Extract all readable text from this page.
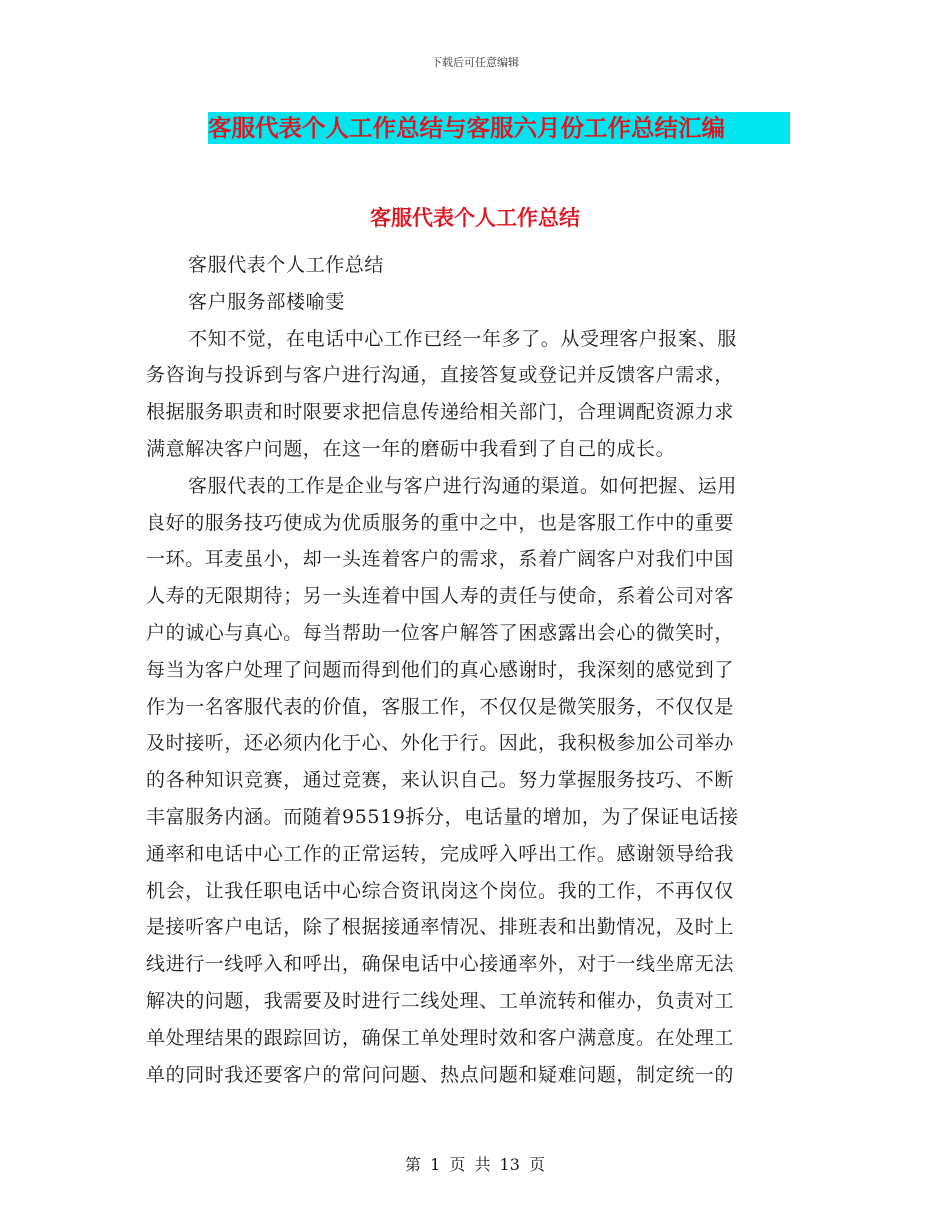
下载后可任意编辑
客服代表个人工作总结与客服六月份工作总结汇编
客服代表个人工作总结
客服代表个人工作总结
客户服务部楼喻雯
不知不觉，在电话中心工作已经一年多了。从受理客户报案、服
务咨询与投诉到与客户进行沟通，直接答复或登记并反馈客户需求，
根据服务职责和时限要求把信息传递给相关部门，合理调配资源力求
满意解决客户问题，在这一年的磨砺中我看到了自己的成长。
客服代表的工作是企业与客户进行沟通的渠道。如何把握、运用
良好的服务技巧使成为优质服务的重中之中，也是客服工作中的重要
一环。耳麦虽小，却一头连着客户的需求，系着广阔客户对我们中国
人寿的无限期待；另一头连着中国人寿的责任与使命，系着公司对客
户的诚心与真心。每当帮助一位客户解答了困惑露出会心的微笑时，
每当为客户处理了问题而得到他们的真心感谢时，我深刻的感觉到了
作为一名客服代表的价值，客服工作，不仅仅是微笑服务，不仅仅是
及时接听，还必须内化于心、外化于行。因此，我积极参加公司举办
的各种知识竞赛，通过竞赛，来认识自己。努力掌握服务技巧、不断
丰富服务内涵。而随着95519拆分，电话量的增加，为了保证电话接
通率和电话中心工作的正常运转，完成呼入呼出工作。感谢领导给我
机会，让我任职电话中心综合资讯岗这个岗位。我的工作，不再仅仅
是接听客户电话，除了根据接通率情况、排班表和出勤情况，及时上
线进行一线呼入和呼出，确保电话中心接通率外，对于一线坐席无法
解决的问题，我需要及时进行二线处理、工单流转和催办，负责对工
单处理结果的跟踪回访，确保工单处理时效和客户满意度。在处理工
单的同时我还要客户的常问问题、热点问题和疑难问题，制定统一的
第 1 页 共 13 页
